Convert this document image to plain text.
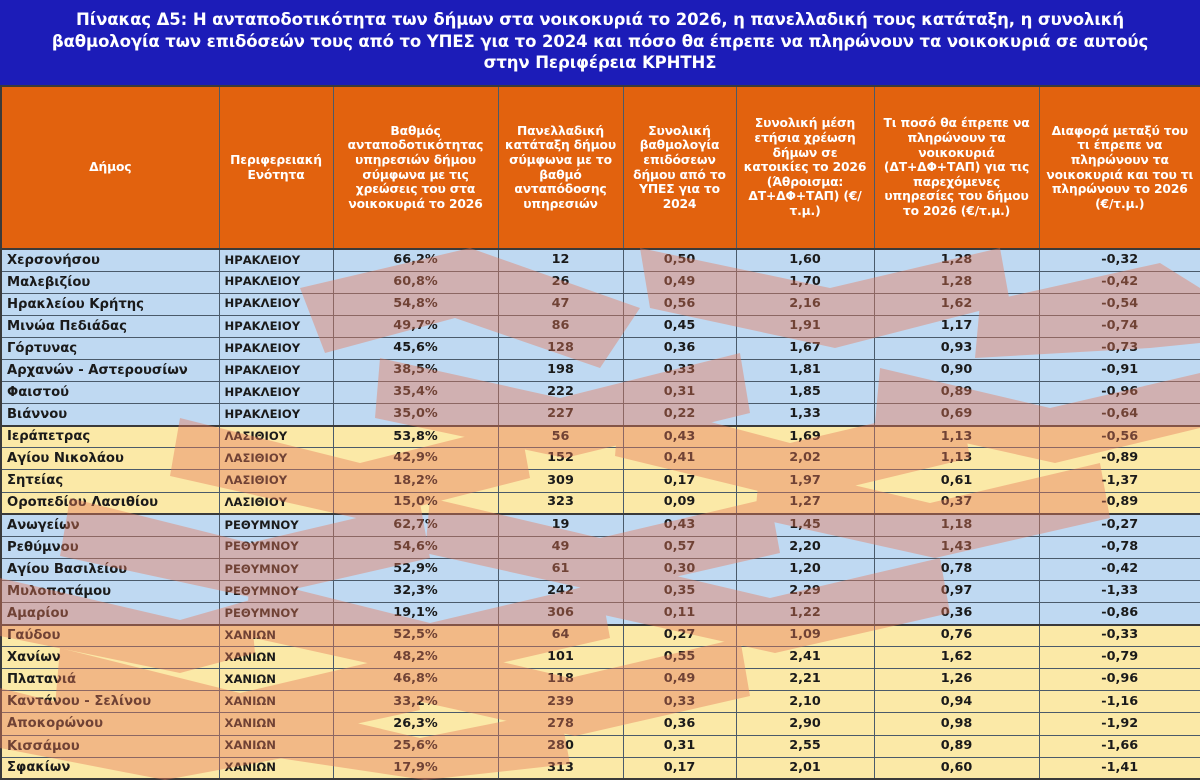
Πίνακας Δ5: Η ανταποδοτικότητα των δήμων στα νοικοκυριά το 2026, η πανελλαδική τους κατάταξη, η συνολική
βαθμολογία των επιδόσεών τους από το ΥΠΕΣ για το 2024 και πόσο θα έπρεπε να πληρώνουν τα νοικοκυριά σε αυτούς
στην Περιφέρεια ΚΡΗΤΗΣ
Δήμος	Περιφερειακή Ενότητα	Βαθμός ανταποδοτικότητας υπηρεσιών δήμου σύμφωνα με τις χρεώσεις του στα νοικοκυριά το 2026	Πανελλαδική κατάταξη δήμου σύμφωνα με το βαθμό ανταπόδοσης υπηρεσιών	Συνολική βαθμολογία επιδόσεων δήμου από το ΥΠΕΣ για το 2024	Συνολική μέση ετήσια χρέωση δήμων σε κατοικίες το 2026 (Άθροισμα: ΔΤ+ΔΦ+ΤΑΠ) (€/τ.μ.)	Τι ποσό θα έπρεπε να πληρώνουν τα νοικοκυριά (ΔΤ+ΔΦ+ΤΑΠ) για τις παρεχόμενες υπηρεσίες του δήμου το 2026 (€/τ.μ.)	Διαφορά μεταξύ του τι έπρεπε να πληρώνουν τα νοικοκυριά και του τι πληρώνουν το 2026 (€/τ.μ.)
Χερσονήσου	ΗΡΑΚΛΕΙΟΥ	66,2%	12	0,50	1,60	1,28	-0,32
Μαλεβιζίου	ΗΡΑΚΛΕΙΟΥ	60,8%	26	0,49	1,70	1,28	-0,42
Ηρακλείου Κρήτης	ΗΡΑΚΛΕΙΟΥ	54,8%	47	0,56	2,16	1,62	-0,54
Μινώα Πεδιάδας	ΗΡΑΚΛΕΙΟΥ	49,7%	86	0,45	1,91	1,17	-0,74
Γόρτυνας	ΗΡΑΚΛΕΙΟΥ	45,6%	128	0,36	1,67	0,93	-0,73
Αρχανών - Αστερουσίων	ΗΡΑΚΛΕΙΟΥ	38,5%	198	0,33	1,81	0,90	-0,91
Φαιστού	ΗΡΑΚΛΕΙΟΥ	35,4%	222	0,31	1,85	0,89	-0,96
Βιάννου	ΗΡΑΚΛΕΙΟΥ	35,0%	227	0,22	1,33	0,69	-0,64
Ιεράπετρας	ΛΑΣΙΘΙΟΥ	53,8%	56	0,43	1,69	1,13	-0,56
Αγίου Νικολάου	ΛΑΣΙΘΙΟΥ	42,9%	152	0,41	2,02	1,13	-0,89
Σητείας	ΛΑΣΙΘΙΟΥ	18,2%	309	0,17	1,97	0,61	-1,37
Οροπεδίου Λασιθίου	ΛΑΣΙΘΙΟΥ	15,0%	323	0,09	1,27	0,37	-0,89
Ανωγείων	ΡΕΘΥΜΝΟΥ	62,7%	19	0,43	1,45	1,18	-0,27
Ρεθύμνου	ΡΕΘΥΜΝΟΥ	54,6%	49	0,57	2,20	1,43	-0,78
Αγίου Βασιλείου	ΡΕΘΥΜΝΟΥ	52,9%	61	0,30	1,20	0,78	-0,42
Μυλοποτάμου	ΡΕΘΥΜΝΟΥ	32,3%	242	0,35	2,29	0,97	-1,33
Αμαρίου	ΡΕΘΥΜΝΟΥ	19,1%	306	0,11	1,22	0,36	-0,86
Γαύδου	ΧΑΝΙΩΝ	52,5%	64	0,27	1,09	0,76	-0,33
Χανίων	ΧΑΝΙΩΝ	48,2%	101	0,55	2,41	1,62	-0,79
Πλατανιά	ΧΑΝΙΩΝ	46,8%	118	0,49	2,21	1,26	-0,96
Καντάνου - Σελίνου	ΧΑΝΙΩΝ	33,2%	239	0,33	2,10	0,94	-1,16
Αποκορώνου	ΧΑΝΙΩΝ	26,3%	278	0,36	2,90	0,98	-1,92
Κισσάμου	ΧΑΝΙΩΝ	25,6%	280	0,31	2,55	0,89	-1,66
Σφακίων	ΧΑΝΙΩΝ	17,9%	313	0,17	2,01	0,60	-1,41
